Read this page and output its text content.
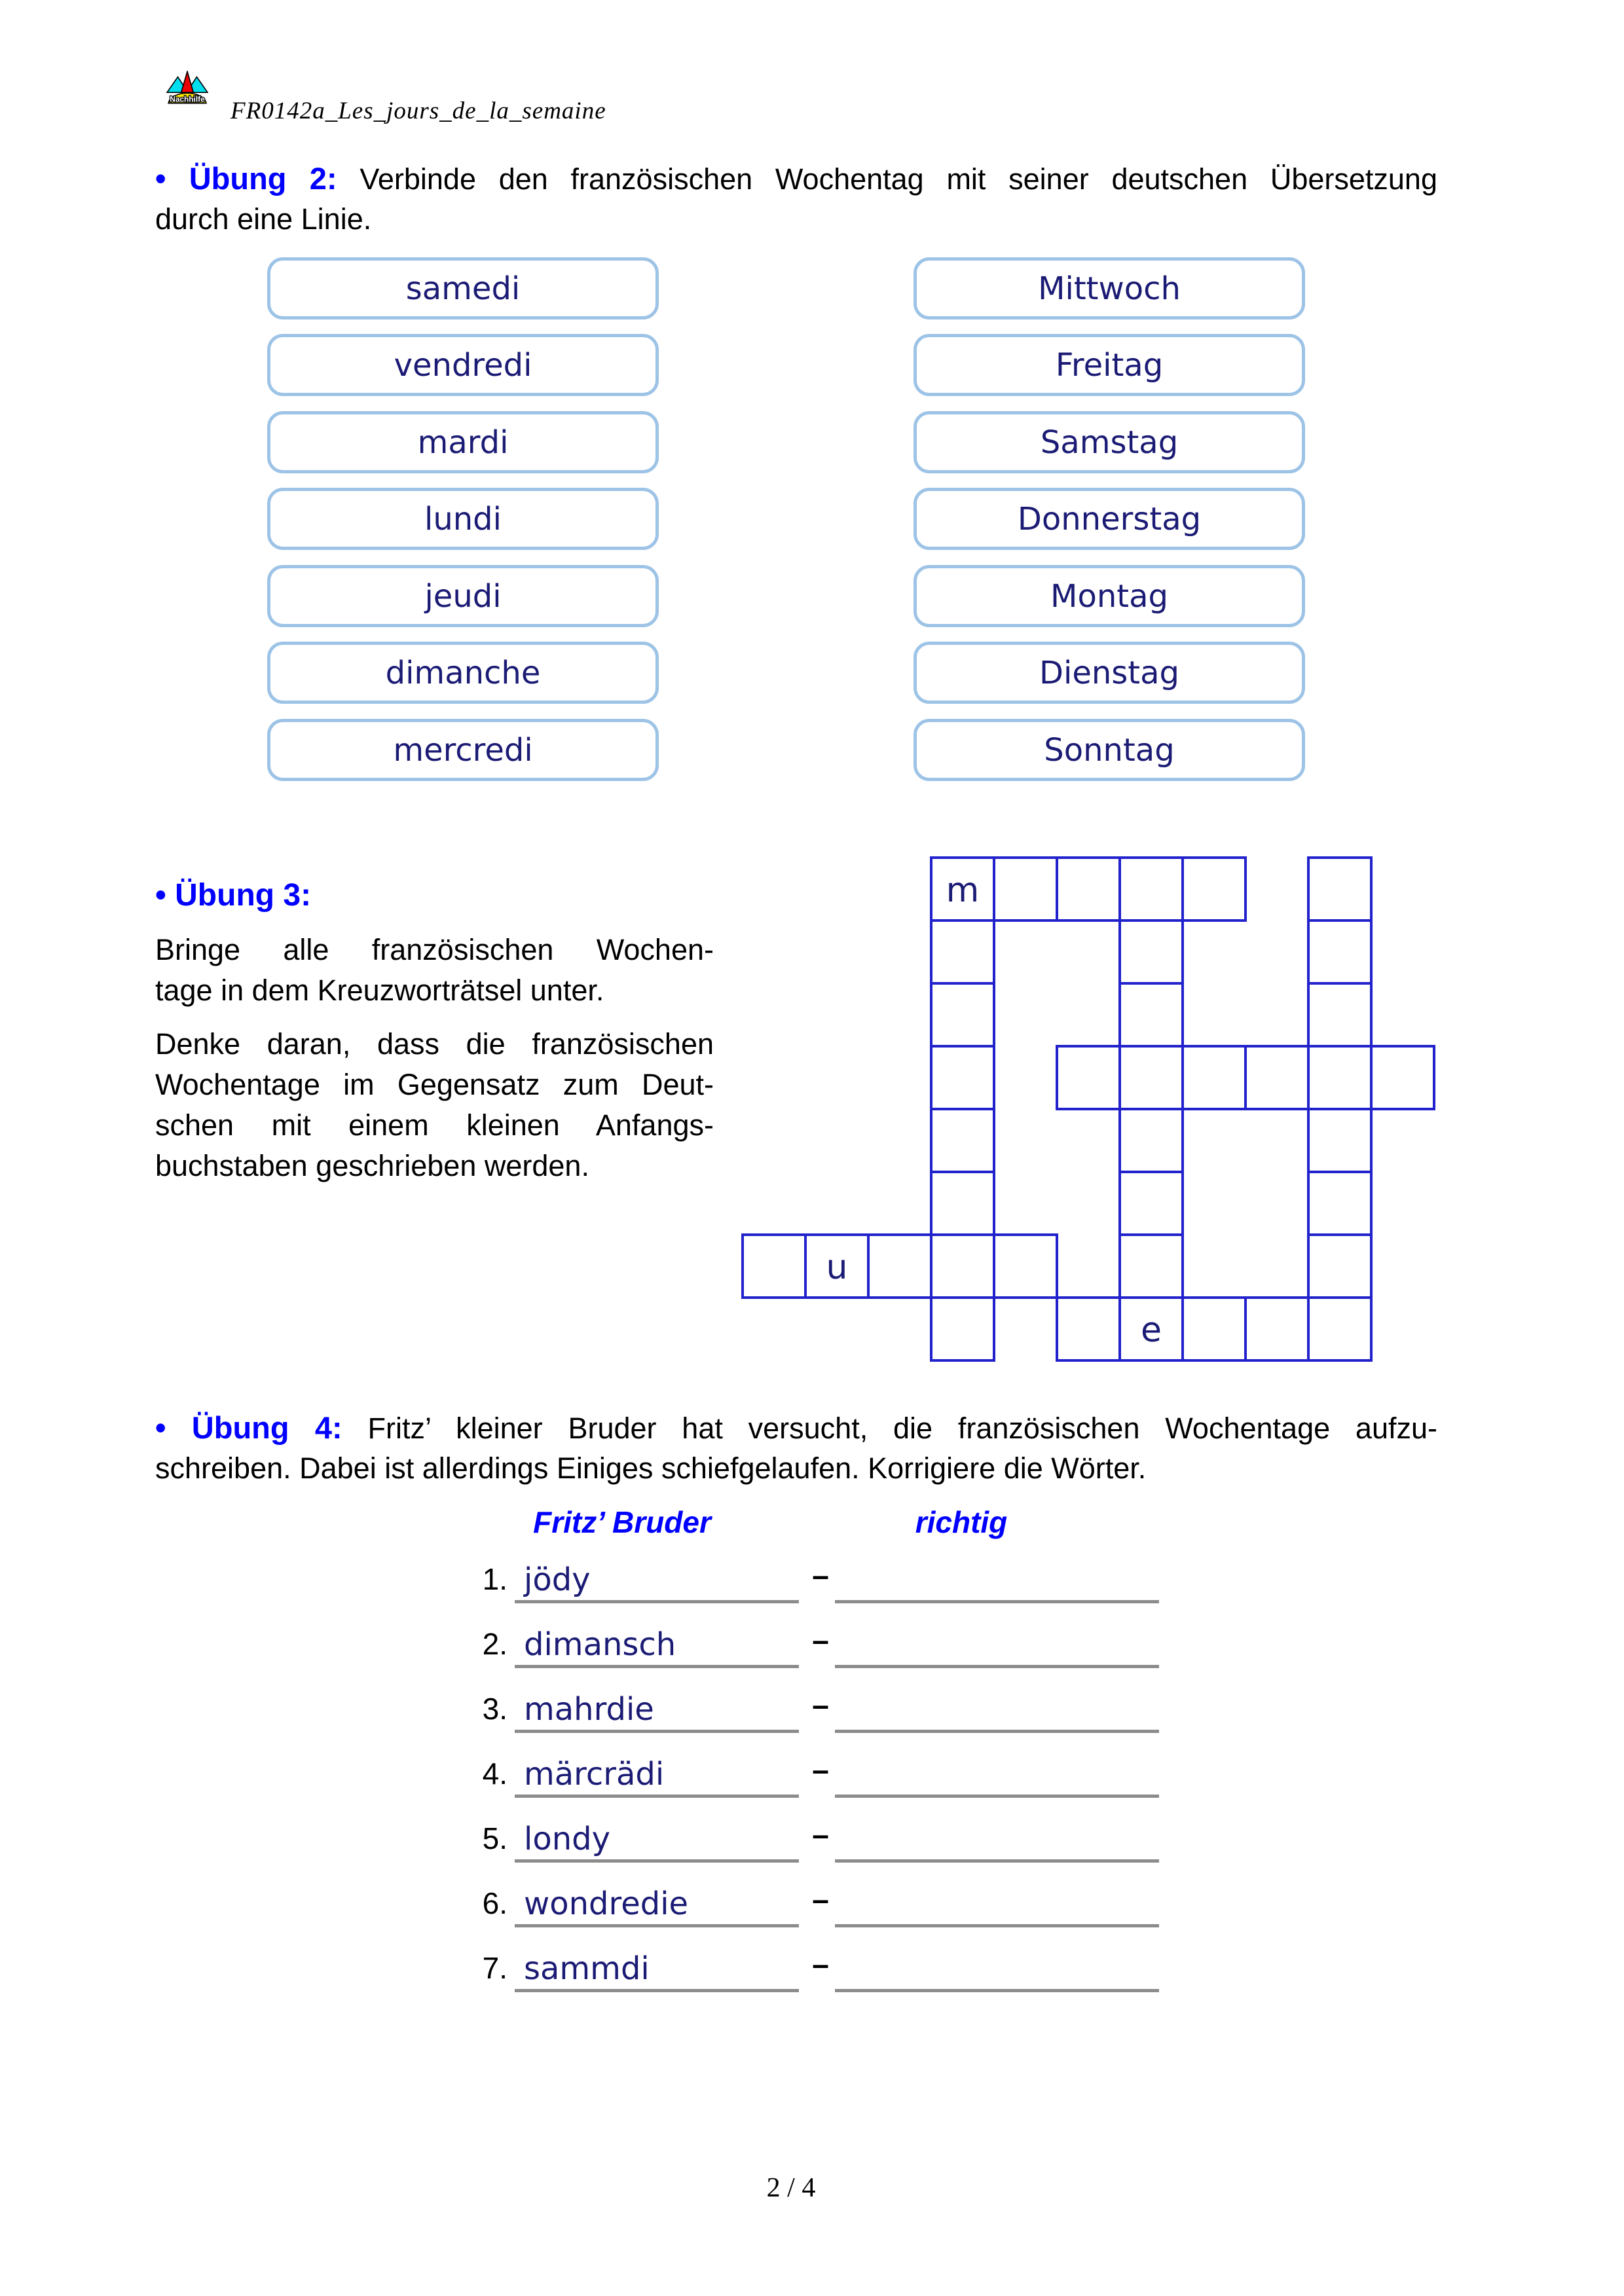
Nachhilfe FR0142a_Les_jours_de_la_semaine
• Übung 2: Verbinde den französischen Wochentag mit seiner deutschen Übersetzung
durch eine Linie.
samedi
vendredi
mardi
lundi
jeudi
dimanche
mercredi
Mittwoch
Freitag
Samstag
Donnerstag
Montag
Dienstag
Sonntag
• Übung 3:
Bringe alle französischen Wochen-
tage in dem Kreuzworträtsel unter.
Denke daran, dass die französischen
Wochentage im Gegensatz zum Deut-
schen mit einem kleinen Anfangs-
buchstaben geschrieben werden.
m
u
e
• Übung 4: Fritz’ kleiner Bruder hat versucht, die französischen Wochentage aufzu-
schreiben. Dabei ist allerdings Einiges schiefgelaufen. Korrigiere die Wörter.
Fritz’ Bruder	richtig
1. jödy	–
2. dimansch	–
3. mahrdie	–
4. märcrädi	–
5. londy	–
6. wondredie	–
7. sammdi	–
2 / 4
